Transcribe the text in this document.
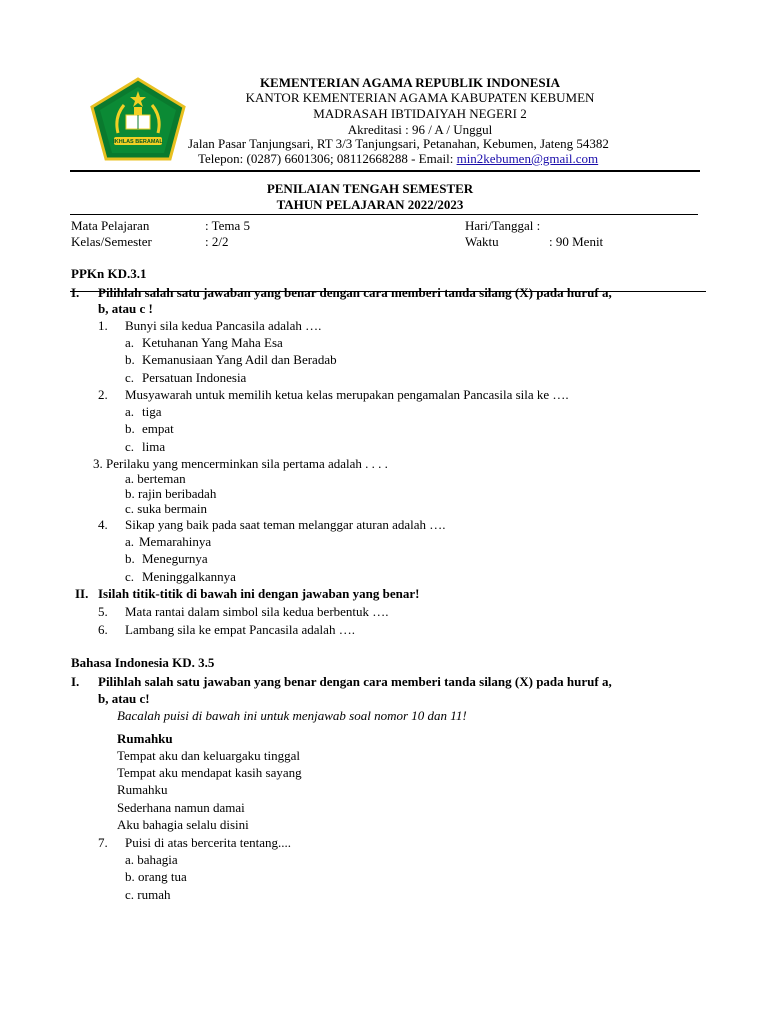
IKHLAS BERAMAL
KEMENTERIAN AGAMA REPUBLIK INDONESIA
KANTOR KEMENTERIAN AGAMA KABUPATEN KEBUMEN
MADRASAH IBTIDAIYAH NEGERI 2
Akreditasi : 96 / A / Unggul
Jalan Pasar Tanjungsari, RT 3/3 Tanjungsari, Petanahan, Kebumen, Jateng 54382
Telepon: (0287) 6601306; 08112668288 - Email: min2kebumen@gmail.com
PENILAIAN TENGAH SEMESTER
TAHUN PELAJARAN 2022/2023
Mata Pelajaran	: Tema 5	Hari/Tanggal :
Kelas/Semester	: 2/2	Waktu	: 90 Menit
PPKn KD.3.1
I. Pilihlah salah satu jawaban yang benar dengan cara memberi tanda silang (X) pada huruf a,
b, atau c !
1. Bunyi sila kedua Pancasila adalah ….
a. Ketuhanan Yang Maha Esa
b. Kemanusiaan Yang Adil dan Beradab
c. Persatuan Indonesia
2. Musyawarah untuk memilih ketua kelas merupakan pengamalan Pancasila sila ke ….
a. tiga
b. empat
c. lima
3. Perilaku yang mencerminkan sila pertama adalah . . . .
a. berteman
b. rajin beribadah
c. suka bermain
4. Sikap yang baik pada saat teman melanggar aturan adalah ….
a. Memarahinya
b. Menegurnya
c. Meninggalkannya
II. Isilah titik-titik di bawah ini dengan jawaban yang benar!
5. Mata rantai dalam simbol sila kedua berbentuk ….
6. Lambang sila ke empat Pancasila adalah ….
Bahasa Indonesia KD. 3.5
I. Pilihlah salah satu jawaban yang benar dengan cara memberi tanda silang (X) pada huruf a,
b, atau c!
Bacalah puisi di bawah ini untuk menjawab soal nomor 10 dan 11!
Rumahku
Tempat aku dan keluargaku tinggal
Tempat aku mendapat kasih sayang
Rumahku
Sederhana namun damai
Aku bahagia selalu disini
7. Puisi di atas bercerita tentang....
a. bahagia
b. orang tua
c. rumah
